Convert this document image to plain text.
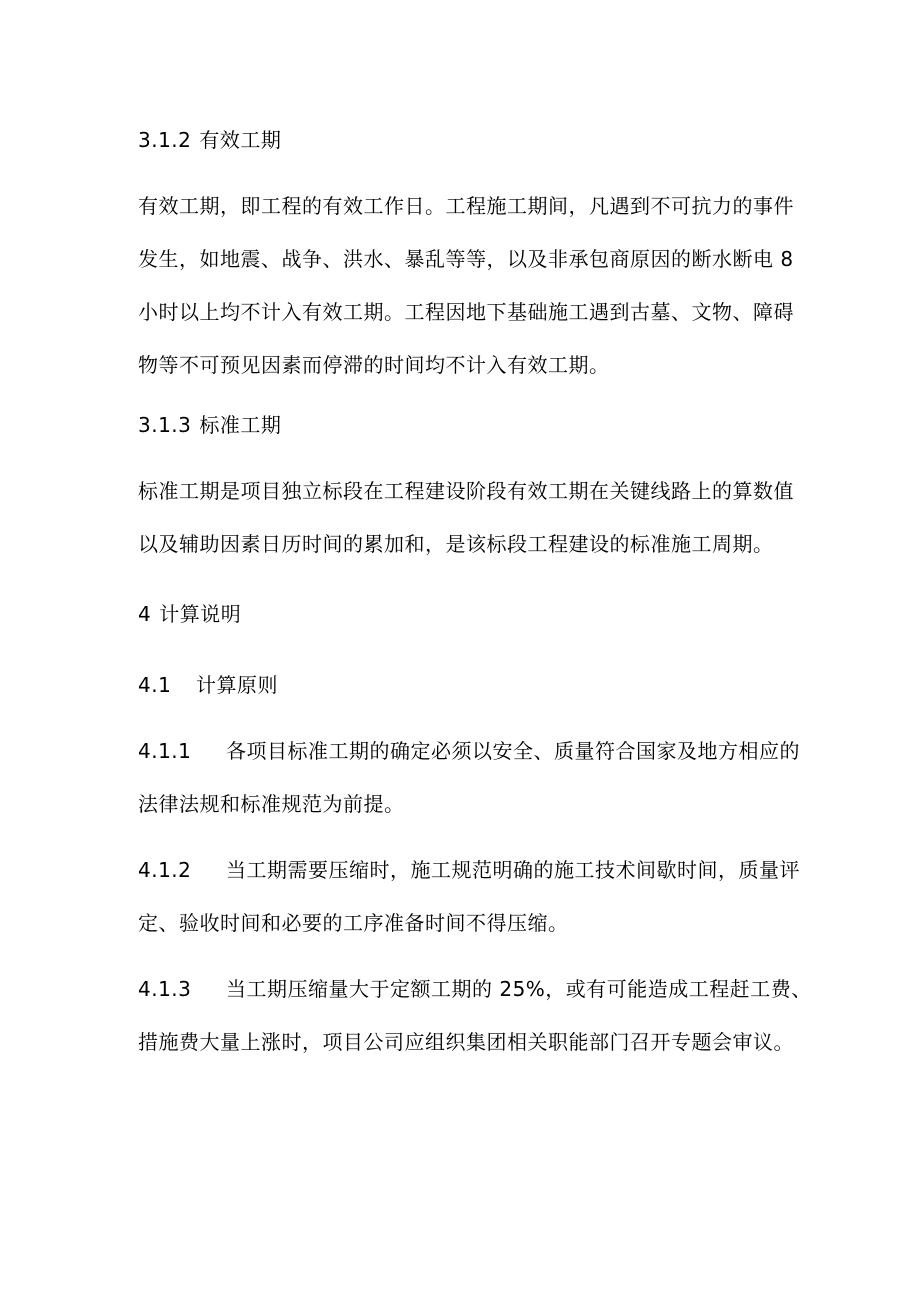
3.1.2 有效工期
有效工期，即工程的有效工作日。工程施工期间，凡遇到不可抗力的事件
发生，如地震、战争、洪水、暴乱等等，以及非承包商原因的断水断电 8
小时以上均不计入有效工期。工程因地下基础施工遇到古墓、文物、障碍
物等不可预见因素而停滞的时间均不计入有效工期。
3.1.3 标准工期
标准工期是项目独立标段在工程建设阶段有效工期在关键线路上的算数值
以及辅助因素日历时间的累加和，是该标段工程建设的标准施工周期。
4 计算说明
4.1 计算原则
4.1.1 各项目标准工期的确定必须以安全、质量符合国家及地方相应的
法律法规和标准规范为前提。
4.1.2 当工期需要压缩时，施工规范明确的施工技术间歇时间，质量评
定、验收时间和必要的工序准备时间不得压缩。
4.1.3 当工期压缩量大于定额工期的 25%，或有可能造成工程赶工费、
措施费大量上涨时，项目公司应组织集团相关职能部门召开专题会审议。
